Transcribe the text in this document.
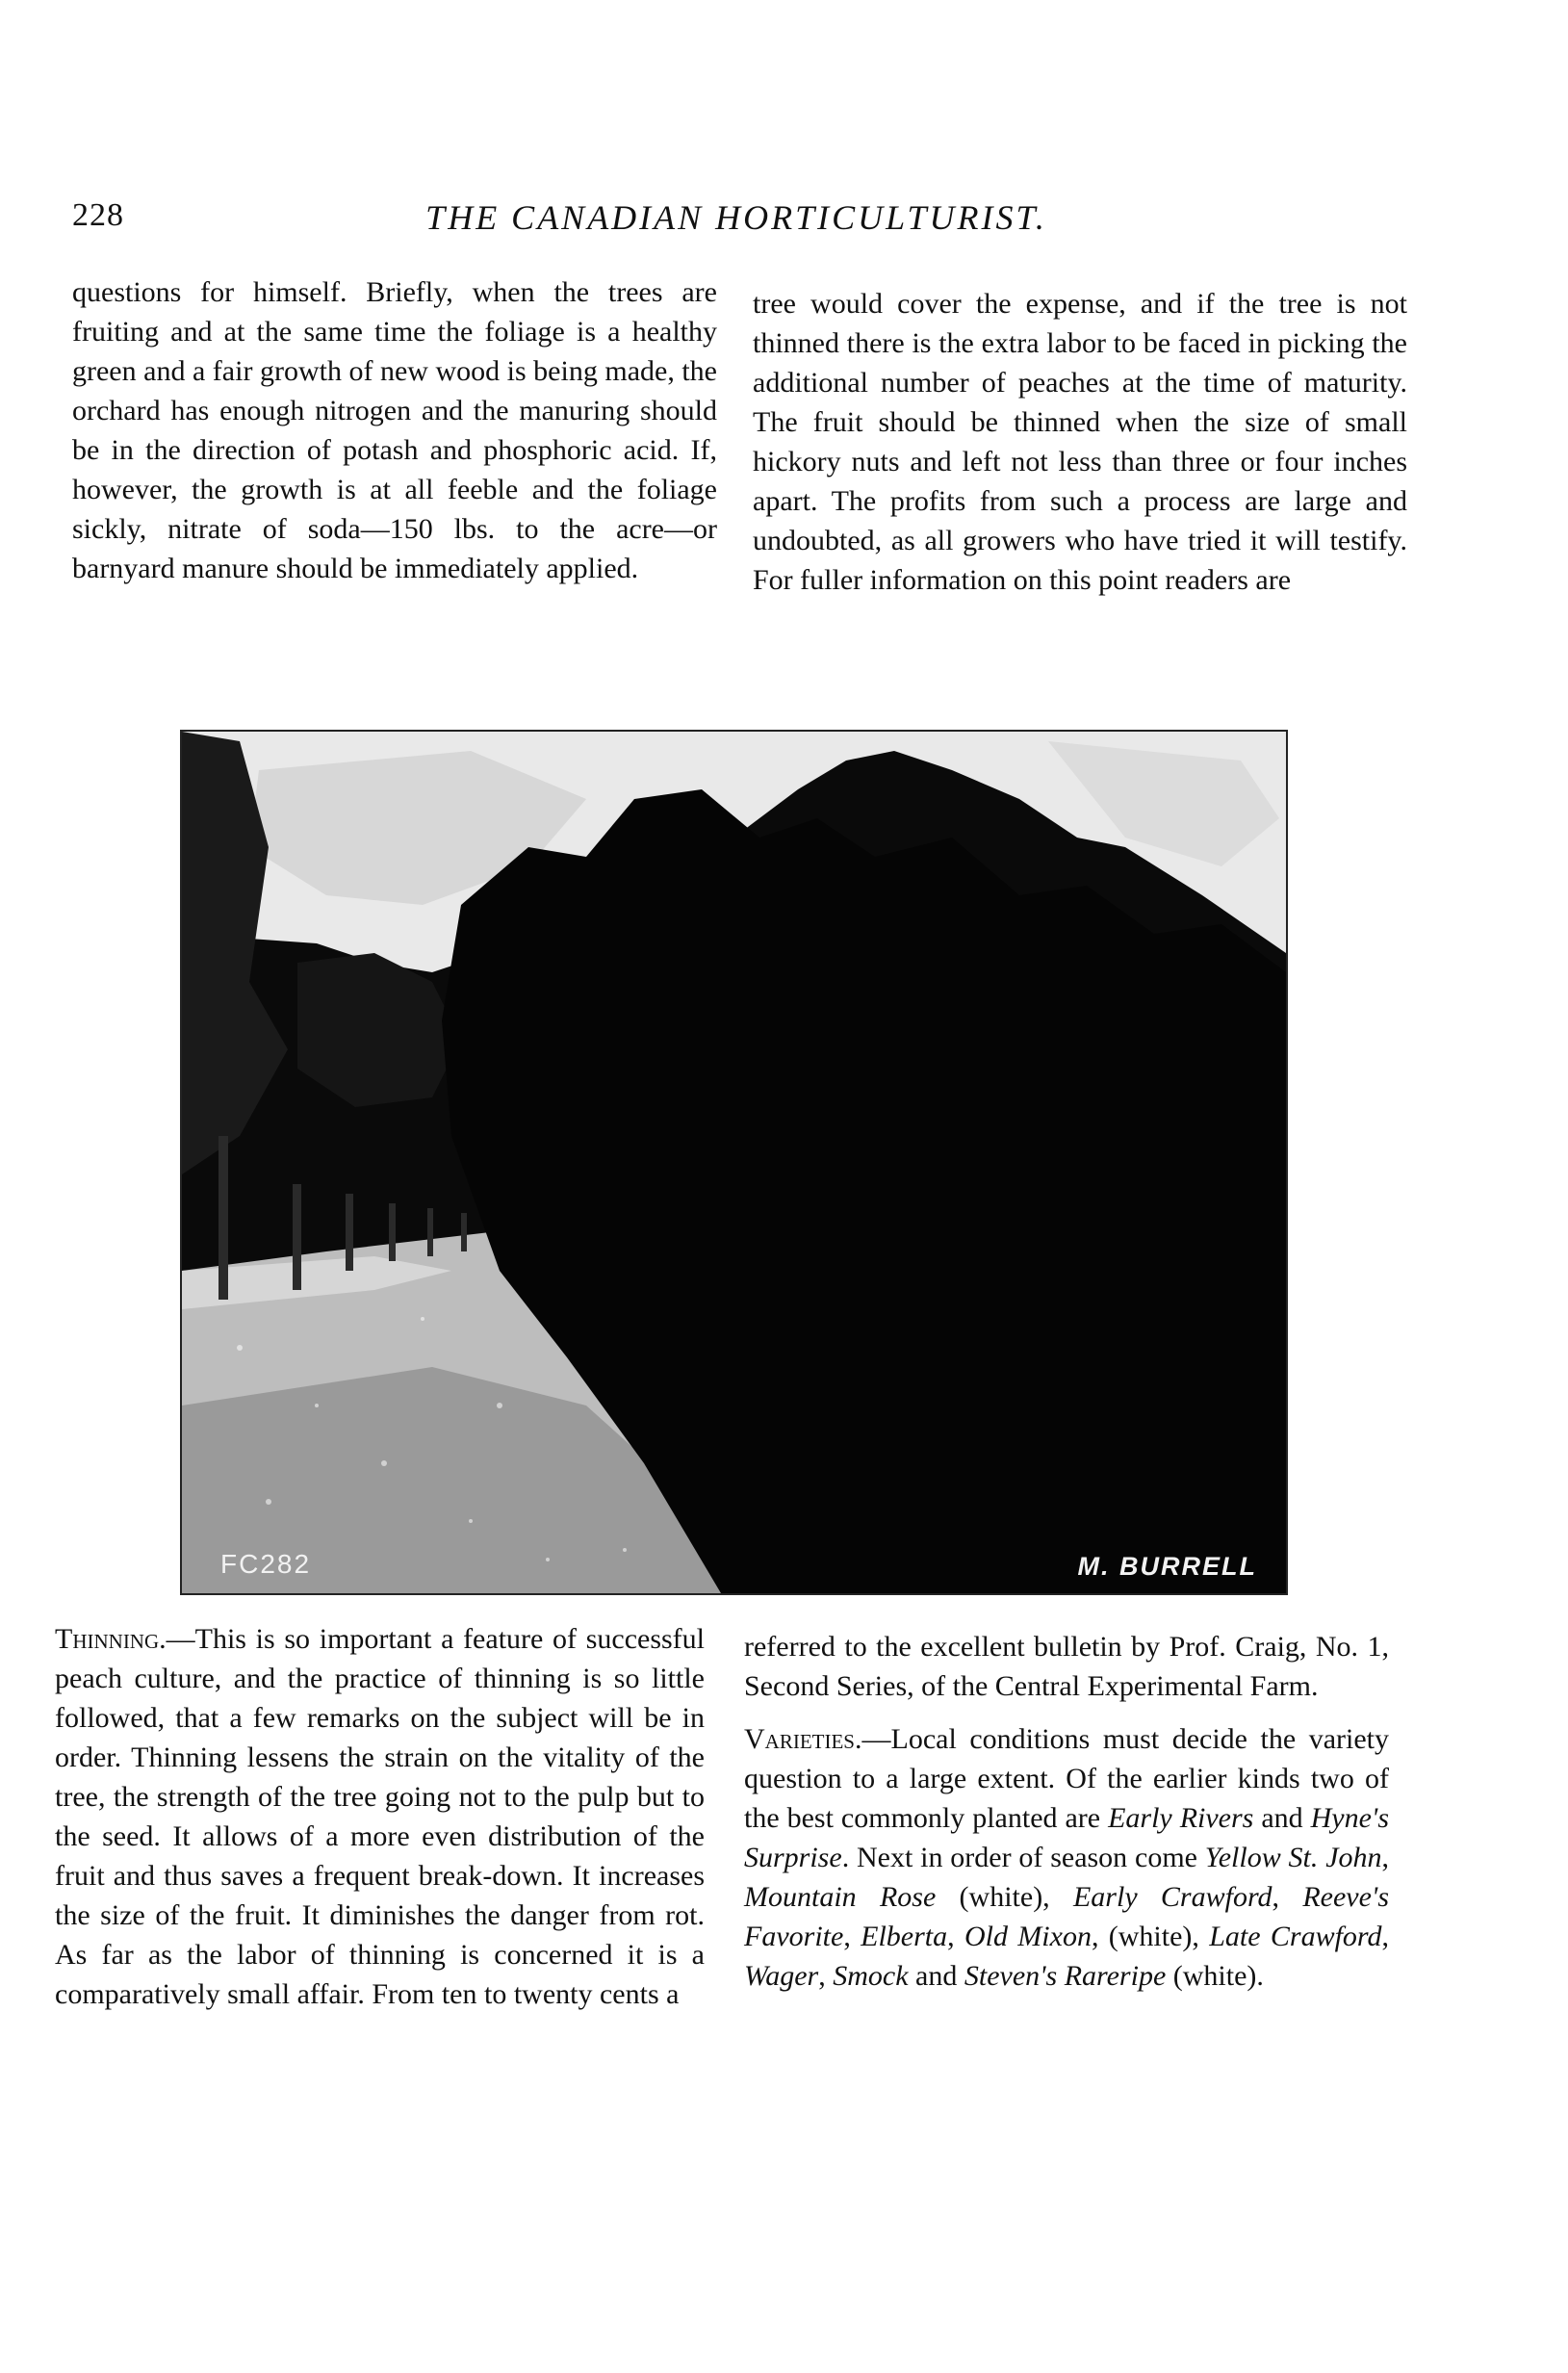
228	THE CANADIAN HORTICULTURIST.

questions for himself. Briefly, when the trees are fruiting and at the same time the foliage is a healthy green and a fair growth of new wood is being made, the orchard has enough nitrogen and the manuring should be in the direction of potash and phosphoric acid. If, however, the growth is at all feeble and the foliage sickly, nitrate of soda—150 lbs. to the acre—or barnyard manure should be immediately applied.

tree would cover the expense, and if the tree is not thinned there is the extra labor to be faced in picking the additional number of peaches at the time of maturity. The fruit should be thinned when the size of small hickory nuts and left not less than three or four inches apart. The profits from such a process are large and undoubted, as all growers who have tried it will testify. For fuller information on this point readers are

FC282	M. BURRELL

Thinning.—This is so important a feature of successful peach culture, and the practice of thinning is so little followed, that a few remarks on the subject will be in order. Thinning lessens the strain on the vitality of the tree, the strength of the tree going not to the pulp but to the seed. It allows of a more even distribution of the fruit and thus saves a frequent break-down. It increases the size of the fruit. It diminishes the danger from rot. As far as the labor of thinning is concerned it is a comparatively small affair. From ten to twenty cents a

referred to the excellent bulletin by Prof. Craig, No. 1, Second Series, of the Central Experimental Farm.

Varieties.—Local conditions must decide the variety question to a large extent. Of the earlier kinds two of the best commonly planted are Early Rivers and Hyne's Surprise. Next in order of season come Yellow St. John, Mountain Rose (white), Early Crawford, Reeve's Favorite, Elberta, Old Mixon, (white), Late Crawford, Wager, Smock and Steven's Rareripe (white).
